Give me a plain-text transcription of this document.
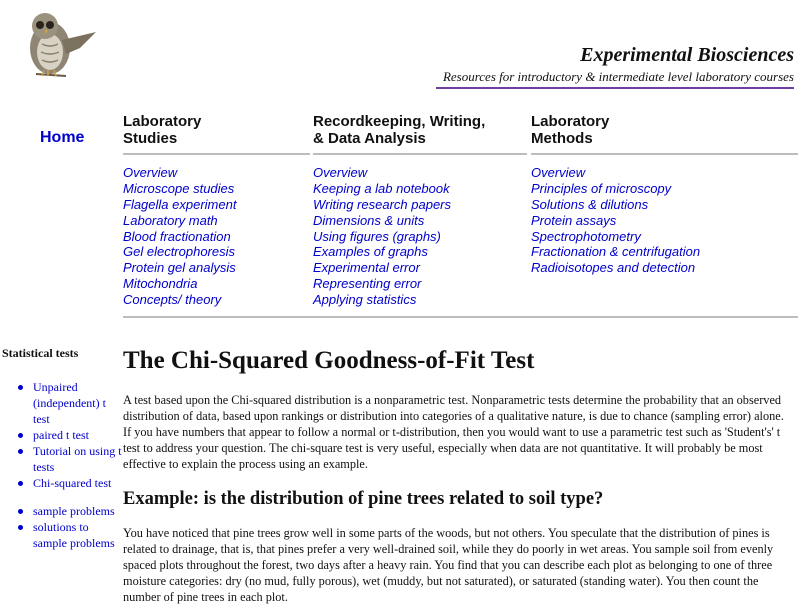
Experimental Biosciences
Resources for introductory & intermediate level laboratory courses
Home
Laboratory
Studies
Overview
Microscope studies
Flagella experiment
Laboratory math
Blood fractionation
Gel electrophoresis
Protein gel analysis
Mitochondria
Concepts/ theory
Recordkeeping, Writing,
& Data Analysis
Overview
Keeping a lab notebook
Writing research papers
Dimensions & units
Using figures (graphs)
Examples of graphs
Experimental error
Representing error
Applying statistics
Laboratory
Methods
Overview
Principles of microscopy
Solutions & dilutions
Protein assays
Spectrophotometry
Fractionation & centrifugation
Radioisotopes and detection
Statistical tests
Unpaired (independent) t test
paired t test
Tutorial on using t tests
Chi-squared test
sample problems
solutions to sample problems
The Chi-Squared Goodness-of-Fit Test

A test based upon the Chi-squared distribution is a nonparametric test. Nonparametric tests determine the probability that an observed distribution of data, based upon rankings or distribution into categories of a qualitative nature, is due to chance (sampling error) alone. If you have numbers that appear to follow a normal or t-distribution, then you would want to use a parametric test such as 'Student's' t test to address your question. The chi-square test is very useful, especially when data are not quantitative. It will probably be most effective to explain the process using an example.

Example: is the distribution of pine trees related to soil type?

You have noticed that pine trees grow well in some parts of the woods, but not others. You speculate that the distribution of pines is related to drainage, that is, that pines prefer a very well-drained soil, while they do poorly in wet areas. You sample soil from evenly spaced plots throughout the forest, two days after a heavy rain. You find that you can describe each plot as belonging to one of three moisture categories: dry (no mud, fully porous), wet (muddy, but not saturated), or saturated (standing water). You then count the number of pine trees in each plot.
